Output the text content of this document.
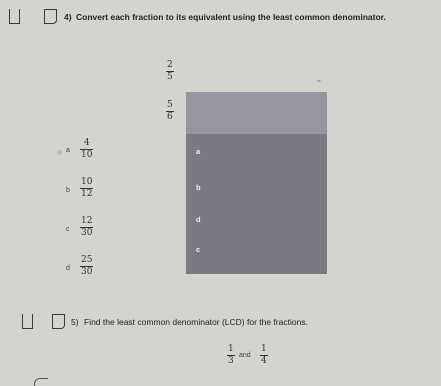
4) Convert each fraction to its equivalent using the least common denominator.
$\frac{2}{5}$
$\frac{5}{6}$
⌄
a $\frac{4}{10}$
b $\frac{10}{12}$
c $\frac{12}{30}$
d $\frac{25}{30}$
a
b
d
c
5) Find the least common denominator (LCD) for the fractions.
$\frac{1}{3}$ and $\frac{1}{4}$
